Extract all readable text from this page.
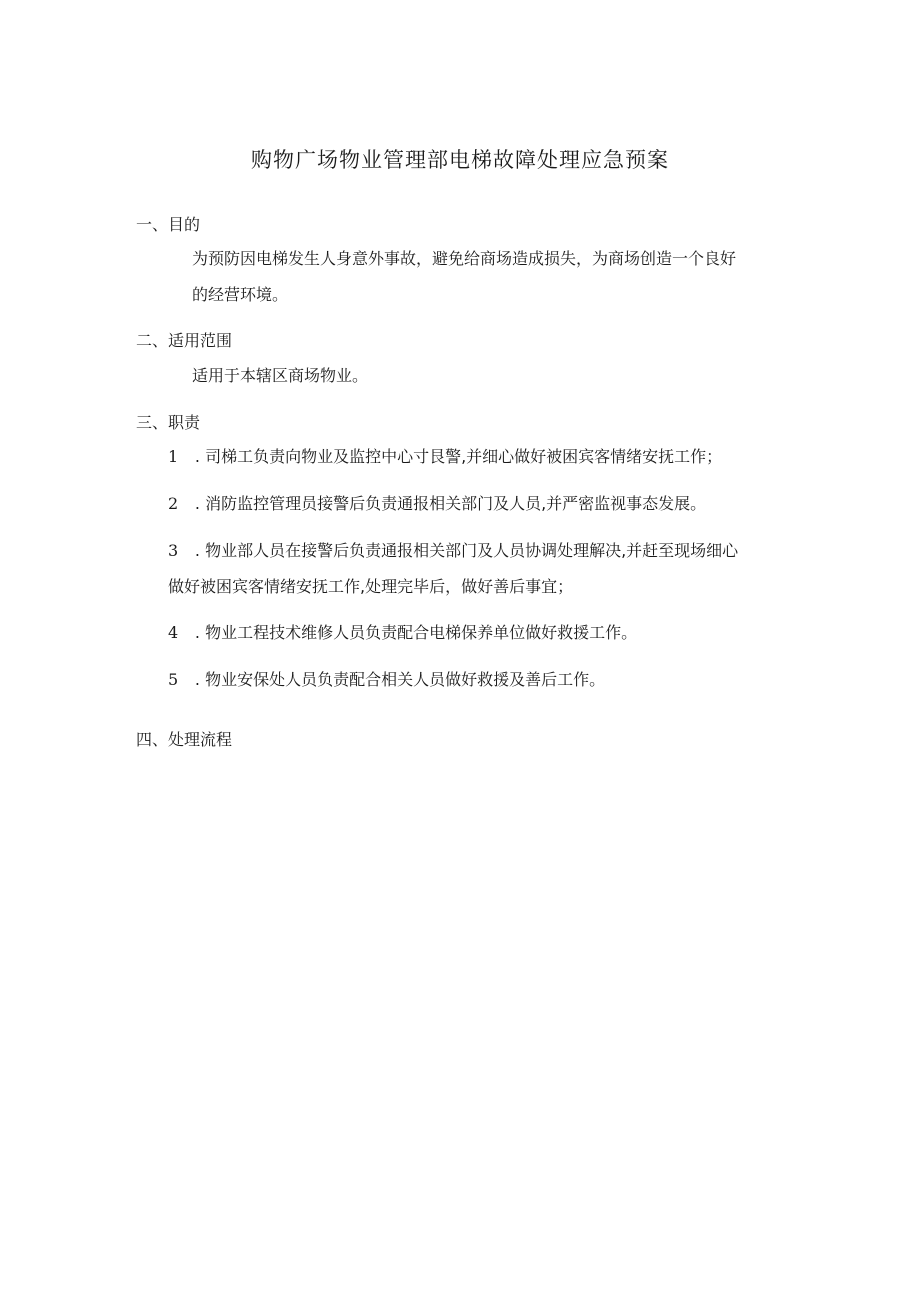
购物广场物业管理部电梯故障处理应急预案
一、目的

为预防因电梯发生人身意外事故，避免给商场造成损失，为商场创造一个良好

的经营环境。

二、适用范围

适用于本辖区商场物业。

三、职责

1 . 司梯工负责向物业及监控中心寸艮警,并细心做好被困宾客情绪安抚工作；

2 . 消防监控管理员接警后负责通报相关部门及人员,并严密监视事态发展。

3 . 物业部人员在接警后负责通报相关部门及人员协调处理解决,并赶至现场细心

做好被困宾客情绪安抚工作,处理完毕后，做好善后事宜；

4 . 物业工程技术维修人员负责配合电梯保养单位做好救援工作。

5 . 物业安保处人员负责配合相关人员做好救援及善后工作。

四、处理流程
